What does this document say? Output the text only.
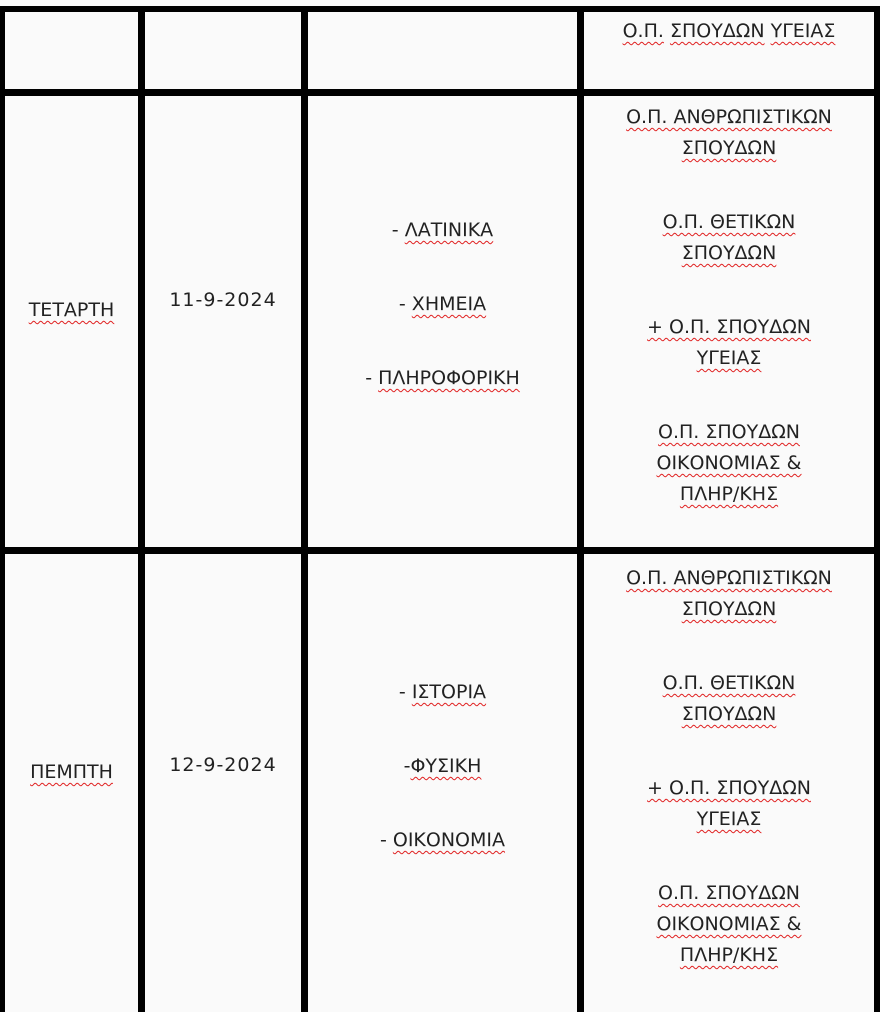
Ο.Π. ΣΠΟΥΔΩΝ ΥΓΕΙΑΣ
ΤΕΤΑΡΤΗ	11-9-2024
- ΛΑΤΙΝΙΚΑ
- ΧΗΜΕΙΑ
- ΠΛΗΡΟΦΟΡΙΚΗ
Ο.Π. ΑΝΘΡΩΠΙΣΤΙΚΩΝ
ΣΠΟΥΔΩΝ
Ο.Π. ΘΕΤΙΚΩΝ
ΣΠΟΥΔΩΝ
+ Ο.Π. ΣΠΟΥΔΩΝ
ΥΓΕΙΑΣ
Ο.Π. ΣΠΟΥΔΩΝ
ΟΙΚΟΝΟΜΙΑΣ &
ΠΛΗΡ/ΚΗΣ
ΠΕΜΠΤΗ	12-9-2024
- ΙΣΤΟΡΙΑ
-ΦΥΣΙΚΗ
- ΟΙΚΟΝΟΜΙΑ
Ο.Π. ΑΝΘΡΩΠΙΣΤΙΚΩΝ
ΣΠΟΥΔΩΝ
Ο.Π. ΘΕΤΙΚΩΝ
ΣΠΟΥΔΩΝ
+ Ο.Π. ΣΠΟΥΔΩΝ
ΥΓΕΙΑΣ
Ο.Π. ΣΠΟΥΔΩΝ
ΟΙΚΟΝΟΜΙΑΣ &
ΠΛΗΡ/ΚΗΣ
